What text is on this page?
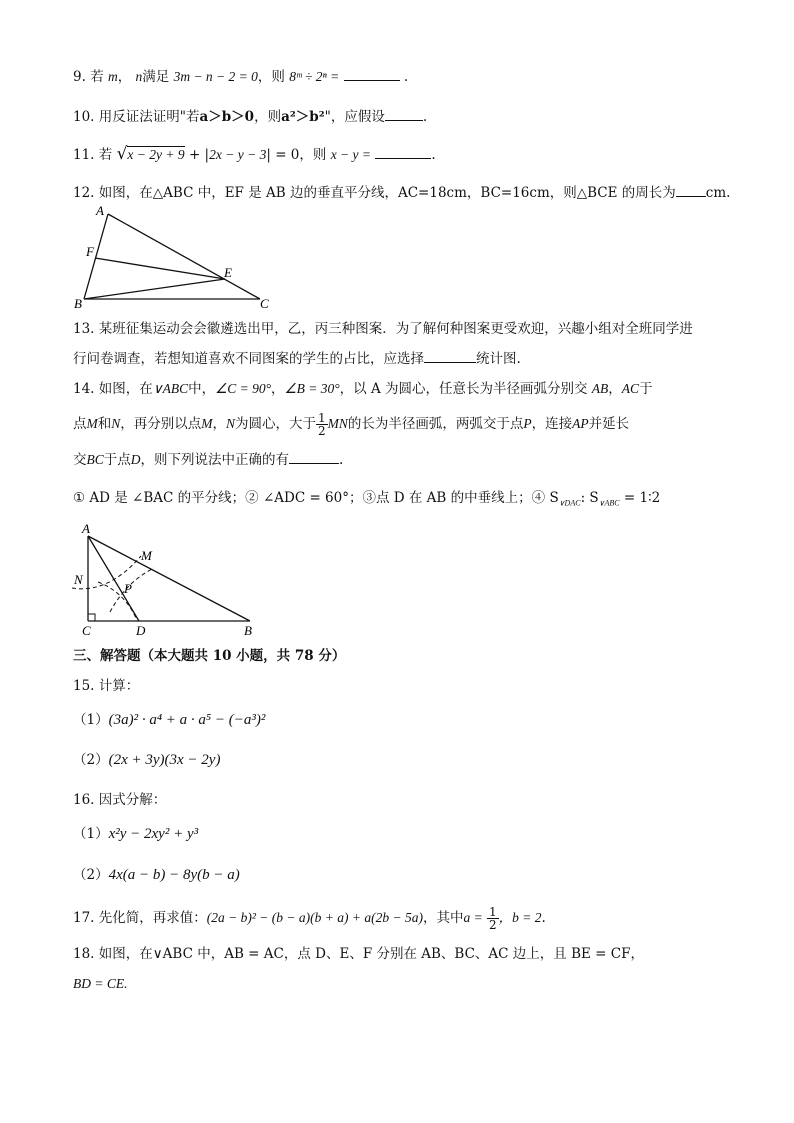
9. 若 m， n满足 3m − n − 2 = 0，则 8ᵐ ÷ 2ⁿ =	.
10. 用反证法证明"若a＞b＞0，则a²＞b²"，应假设	.
11. 若 √x − 2y + 9 + |2x − y − 3| = 0，则 x − y =	.
12. 如图，在△ABC 中，EF 是 AB 边的垂直平分线，AC=18cm，BC=16cm，则△BCE 的周长为 cm.
A
F
E
B	C
13. 某班征集运动会会徽遴选出甲，乙，丙三种图案．为了解何种图案更受欢迎，兴趣小组对全班同学进
行问卷调查，若想知道喜欢不同图案的学生的占比，应选择	统计图.
14. 如图，在∨ABC中，∠C = 90°，∠B = 30°，以 A 为圆心，任意长为半径画弧分别交 AB，AC于
点M和N，再分别以点M，N为圆心，大于 $\frac{1}{2}$ MN的长为半径画弧，两弧交于点P，连接AP并延长
交BC于点D，则下列说法中正确的有	.
① AD 是 ∠BAC 的平分线；② ∠ADC = 60°；③点 D 在 AB 的中垂线上；④ $S_{\vee DAC}$: $S_{\vee ABC}$ = 1∶2
A
M
N
P
C	D	B
三、解答题（本大题共 10 小题，共 78 分）
15. 计算：
（1）(3a)² · a⁴ + a · a⁵ − (−a³)²
（2）(2x + 3y)(3x − 2y)
16. 因式分解：
（1）x²y − 2xy² + y³
（2）4x(a − b) − 8y(b − a)
17. 先化简，再求值：(2a − b)² − (b − a)(b + a) + a(2b − 5a)，其中$a = \frac{1}{2}$ ，b = 2.
18. 如图，在∨ABC 中，AB = AC，点 D、E、F 分别在 AB、BC、AC 边上，且 BE = CF，
BD = CE.
